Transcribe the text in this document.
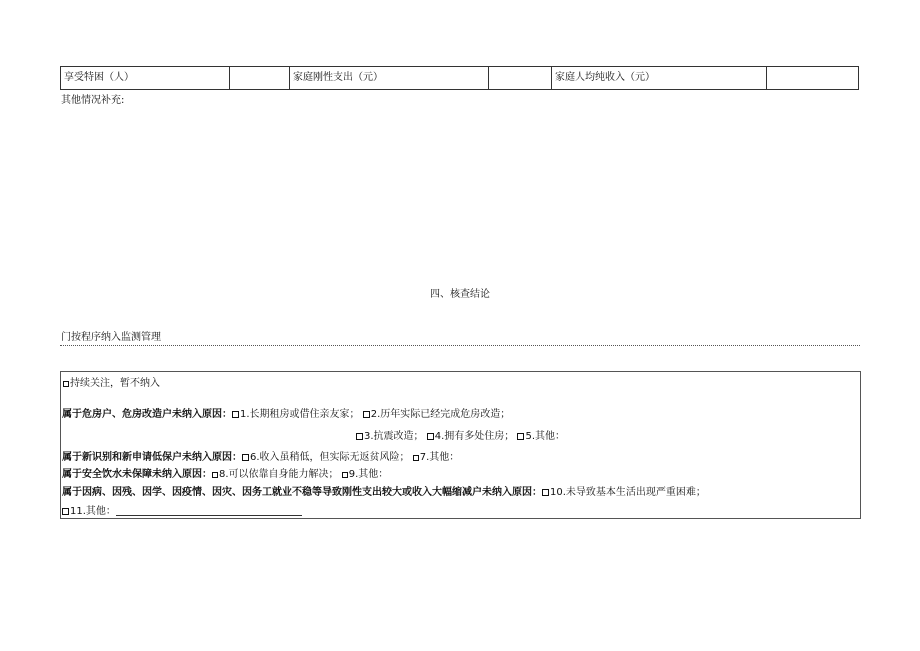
享受特困（人）	家庭刚性支出（元）	家庭人均纯收入（元）
其他情况补充:
四、核查结论
门按程序纳入监测管理
持续关注，暂不纳入
属于危房户、危房改造户未纳入原因： 1.长期租房或借住亲友家； 2.历年实际已经完成危房改造；
3.抗震改造； 4.拥有多处住房； 5.其他：
属于新识别和新申请低保户未纳入原因： 6.收入虽稍低，但实际无返贫风险； 7.其他：
属于安全饮水未保障未纳入原因： 8.可以依靠自身能力解决； 9.其他：
属于因病、因残、因学、因疫情、因灾、因务工就业不稳等导致刚性支出较大或收入大幅缩减户未纳入原因： 10.未导致基本生活出现严重困难；
11.其他：
